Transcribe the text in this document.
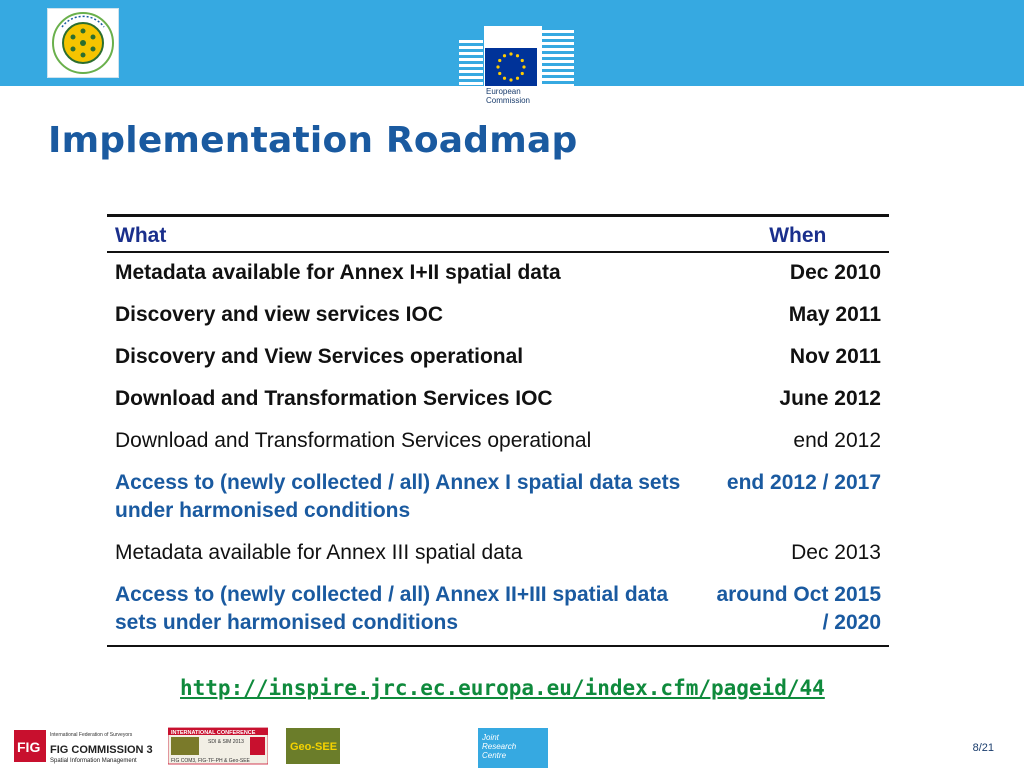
European Commission
Implementation Roadmap
What	When
Metadata available for Annex I+II spatial data	Dec 2010
Discovery and view services IOC	May 2011
Discovery and View Services operational	Nov 2011
Download and Transformation Services IOC	June 2012
Download and Transformation Services operational	end 2012
Access to (newly collected / all) Annex I spatial data sets under harmonised conditions	end 2012 / 2017
Metadata available for Annex III spatial data	Dec 2013
Access to (newly collected / all) Annex II+III spatial data sets under harmonised conditions	around Oct 2015 / 2020
http://inspire.jrc.ec.europa.eu/index.cfm/pageid/44
FIG
International Federation of Surveyors
FIG COMMISSION 3
Spatial Information Management
INTERNATIONAL CONFERENCE
SDI & SIM 2013
FIG COM3, FIG-TF-PH & Geo-SEE
Geo-SEE
Joint
Research
Centre
8/21
